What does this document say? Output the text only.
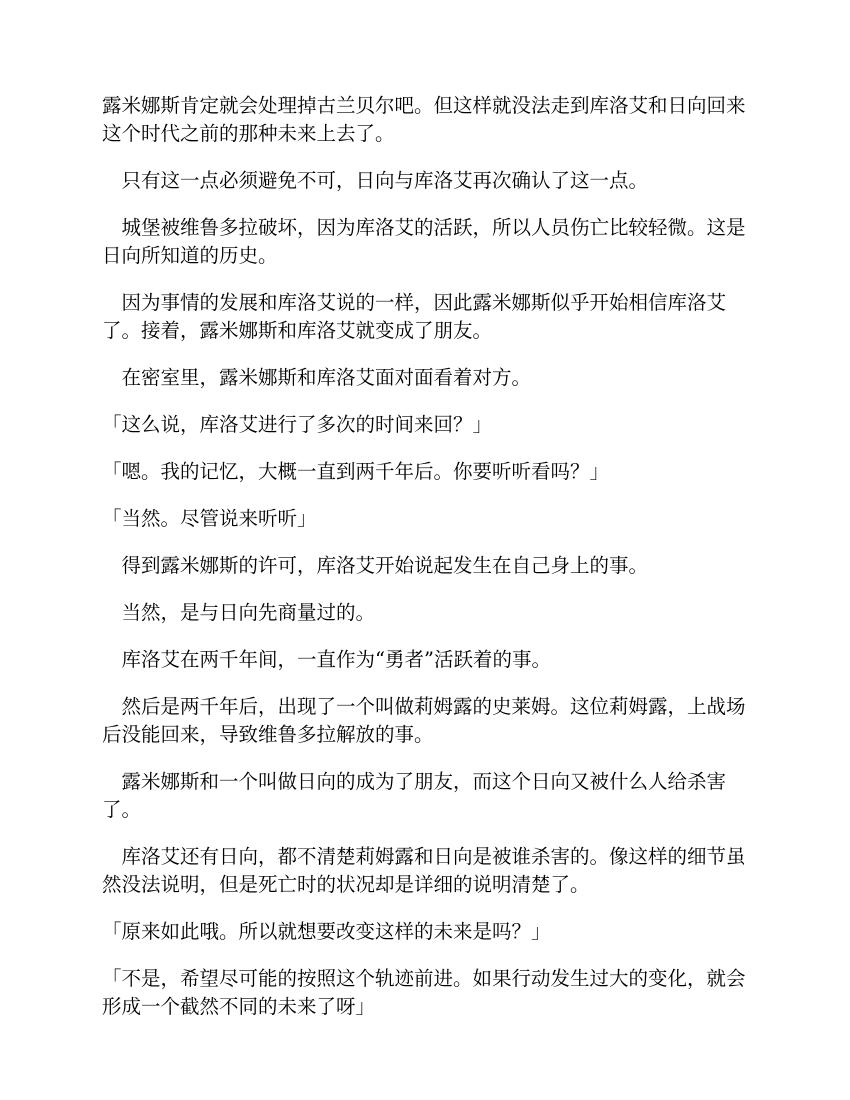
露米娜斯肯定就会处理掉古兰贝尔吧。但这样就没法走到库洛艾和日向回来这个时代之前的那种未来上去了。

只有这一点必须避免不可，日向与库洛艾再次确认了这一点。

城堡被维鲁多拉破坏，因为库洛艾的活跃，所以人员伤亡比较轻微。这是日向所知道的历史。

因为事情的发展和库洛艾说的一样，因此露米娜斯似乎开始相信库洛艾了。接着，露米娜斯和库洛艾就变成了朋友。

在密室里，露米娜斯和库洛艾面对面看着对方。

「这么说，库洛艾进行了多次的时间来回？」

「嗯。我的记忆，大概一直到两千年后。你要听听看吗？」

「当然。尽管说来听听」

得到露米娜斯的许可，库洛艾开始说起发生在自己身上的事。

当然，是与日向先商量过的。

库洛艾在两千年间，一直作为“勇者”活跃着的事。

然后是两千年后，出现了一个叫做莉姆露的史莱姆。这位莉姆露，上战场后没能回来，导致维鲁多拉解放的事。

露米娜斯和一个叫做日向的成为了朋友，而这个日向又被什么人给杀害了。

库洛艾还有日向，都不清楚莉姆露和日向是被谁杀害的。像这样的细节虽然没法说明，但是死亡时的状况却是详细的说明清楚了。

「原来如此哦。所以就想要改变这样的未来是吗？」

「不是，希望尽可能的按照这个轨迹前进。如果行动发生过大的变化，就会形成一个截然不同的未来了呀」
